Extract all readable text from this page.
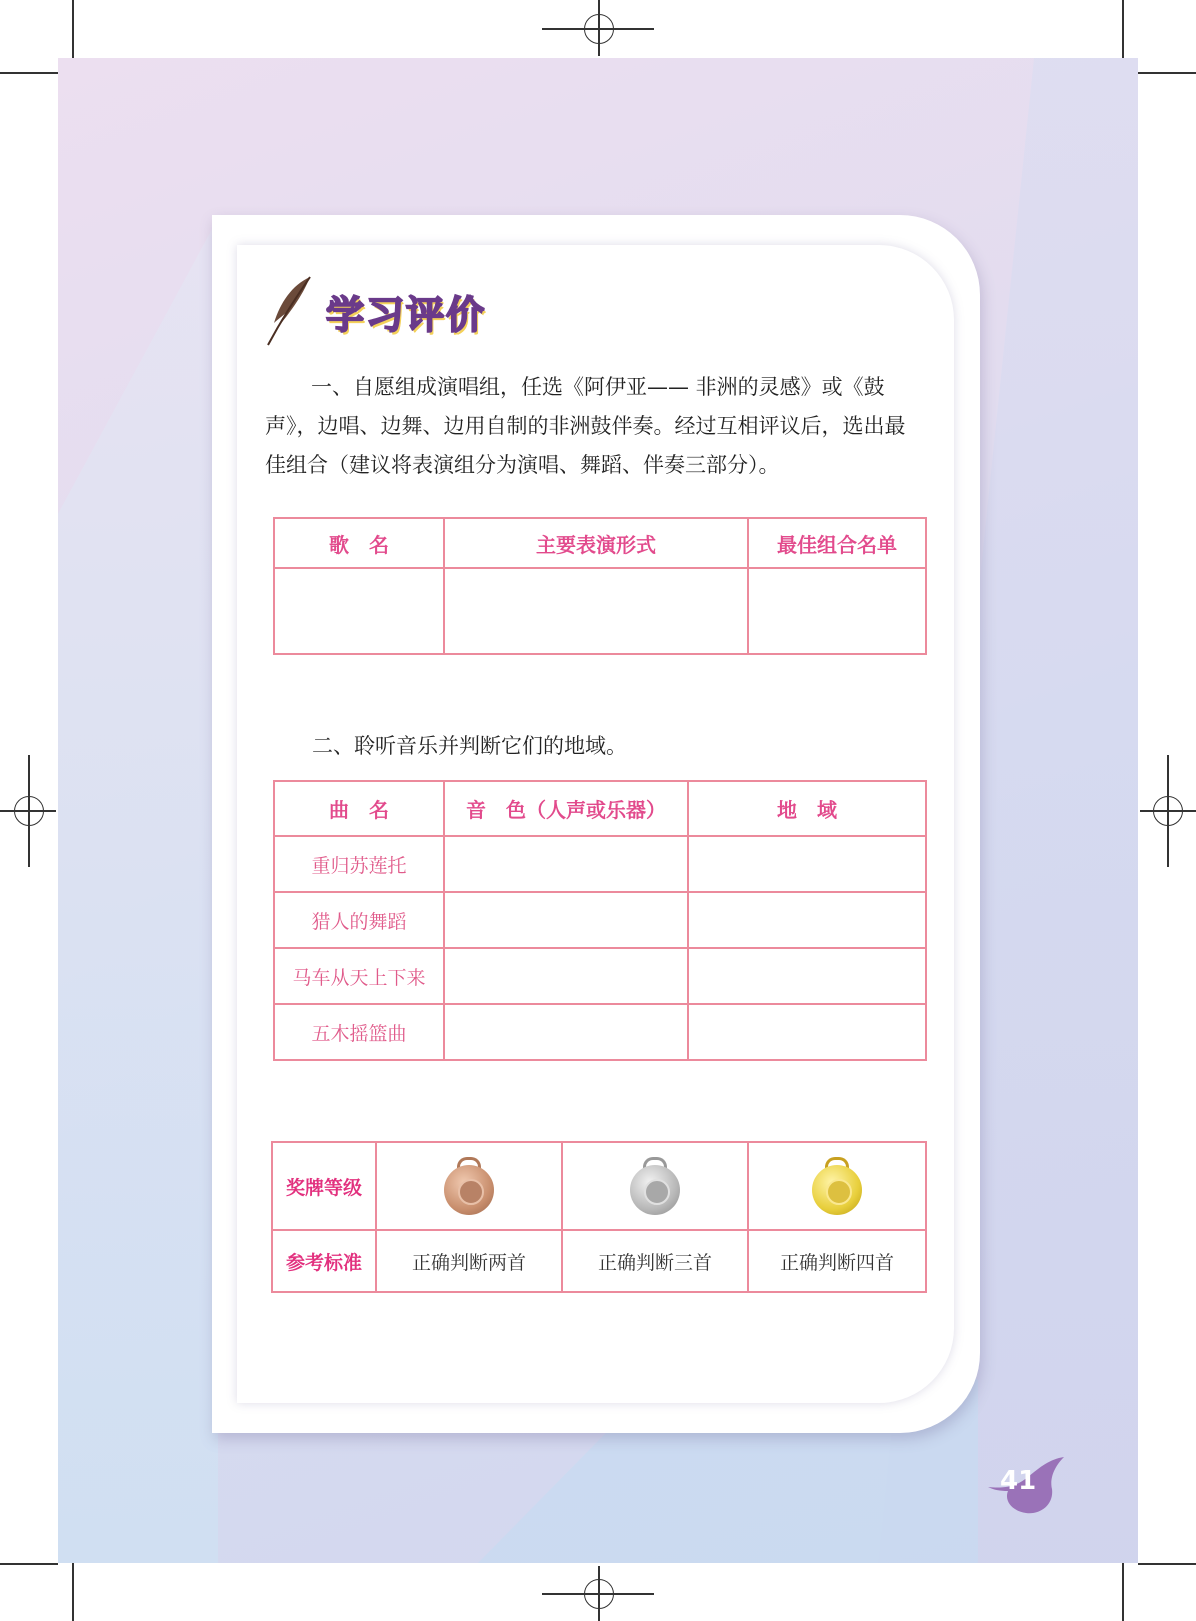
学习评价
一、自愿组成演唱组，任选《阿伊亚—— 非洲的灵感》或《鼓声》，边唱、边舞、边用自制的非洲鼓伴奏。经过互相评议后，选出最佳组合（建议将表演组分为演唱、舞蹈、伴奏三部分）。
歌　名	主要表演形式	最佳组合名单

二、聆听音乐并判断它们的地域。
曲　名	音　色（人声或乐器）	地　域
重归苏莲托		
猎人的舞蹈		
马车从天上下来		
五木摇篮曲		
奖牌等级	

参考标准	正确判断两首	正确判断三首	正确判断四首
41
